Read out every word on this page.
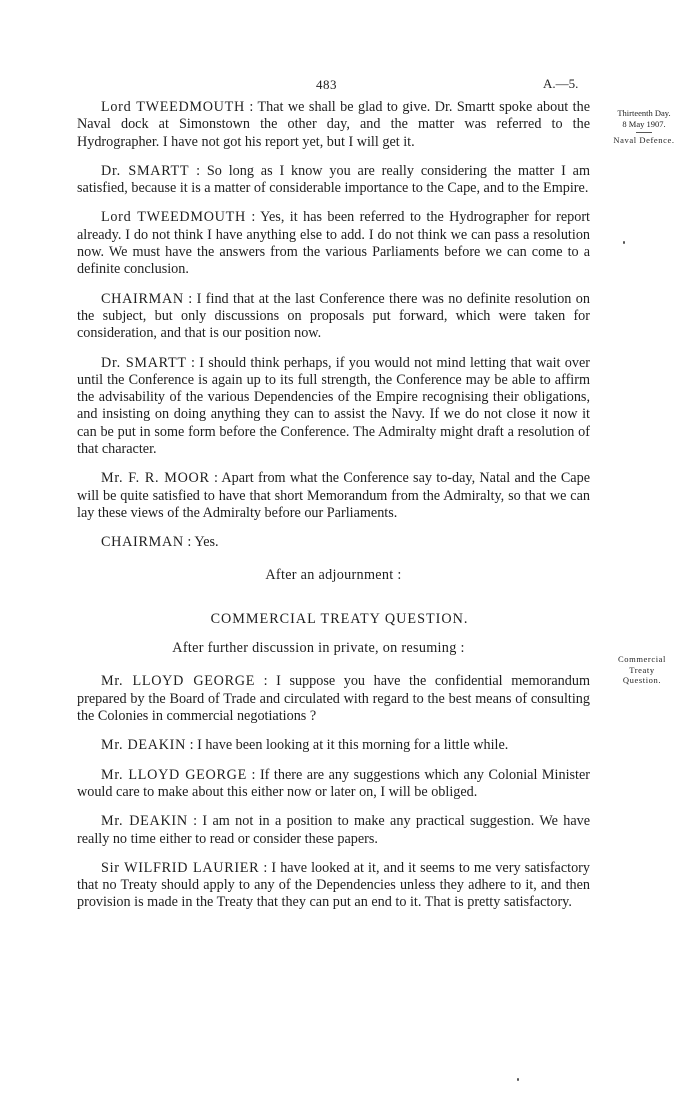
483	A.—5.
Thirteenth Day.
8 May 1907.
Naval Defence.
Commercial
Treaty
Question.

Lord TWEEDMOUTH : That we shall be glad to give. Dr. Smartt spoke about the Naval dock at Simonstown the other day, and the matter was referred to the Hydrographer. I have not got his report yet, but I will get it.

Dr. SMARTT : So long as I know you are really considering the matter I am satisfied, because it is a matter of considerable importance to the Cape, and to the Empire.

Lord TWEEDMOUTH : Yes, it has been referred to the Hydrographer for report already. I do not think I have anything else to add. I do not think we can pass a resolution now. We must have the answers from the various Parliaments before we can come to a definite conclusion.

CHAIRMAN : I find that at the last Conference there was no definite resolution on the subject, but only discussions on proposals put forward, which were taken for consideration, and that is our position now.

Dr. SMARTT : I should think perhaps, if you would not mind letting that wait over until the Conference is again up to its full strength, the Conference may be able to affirm the advisability of the various Dependencies of the Empire recognising their obligations, and insisting on doing anything they can to assist the Navy. If we do not close it now it can be put in some form before the Conference. The Admiralty might draft a resolution of that character.

Mr. F. R. MOOR : Apart from what the Conference say to-day, Natal and the Cape will be quite satisfied to have that short Memorandum from the Admiralty, so that we can lay these views of the Admiralty before our Parliaments.

CHAIRMAN : Yes.

After an adjournment :

COMMERCIAL TREATY QUESTION.

After further discussion in private, on resuming :

Mr. LLOYD GEORGE : I suppose you have the confidential memorandum prepared by the Board of Trade and circulated with regard to the best means of consulting the Colonies in commercial negotiations ?

Mr. DEAKIN : I have been looking at it this morning for a little while.

Mr. LLOYD GEORGE : If there are any suggestions which any Colonial Minister would care to make about this either now or later on, I will be obliged.

Mr. DEAKIN : I am not in a position to make any practical suggestion. We have really no time either to read or consider these papers.

Sir WILFRID LAURIER : I have looked at it, and it seems to me very satisfactory that no Treaty should apply to any of the Dependencies unless they adhere to it, and then provision is made in the Treaty that they can put an end to it. That is pretty satisfactory.
